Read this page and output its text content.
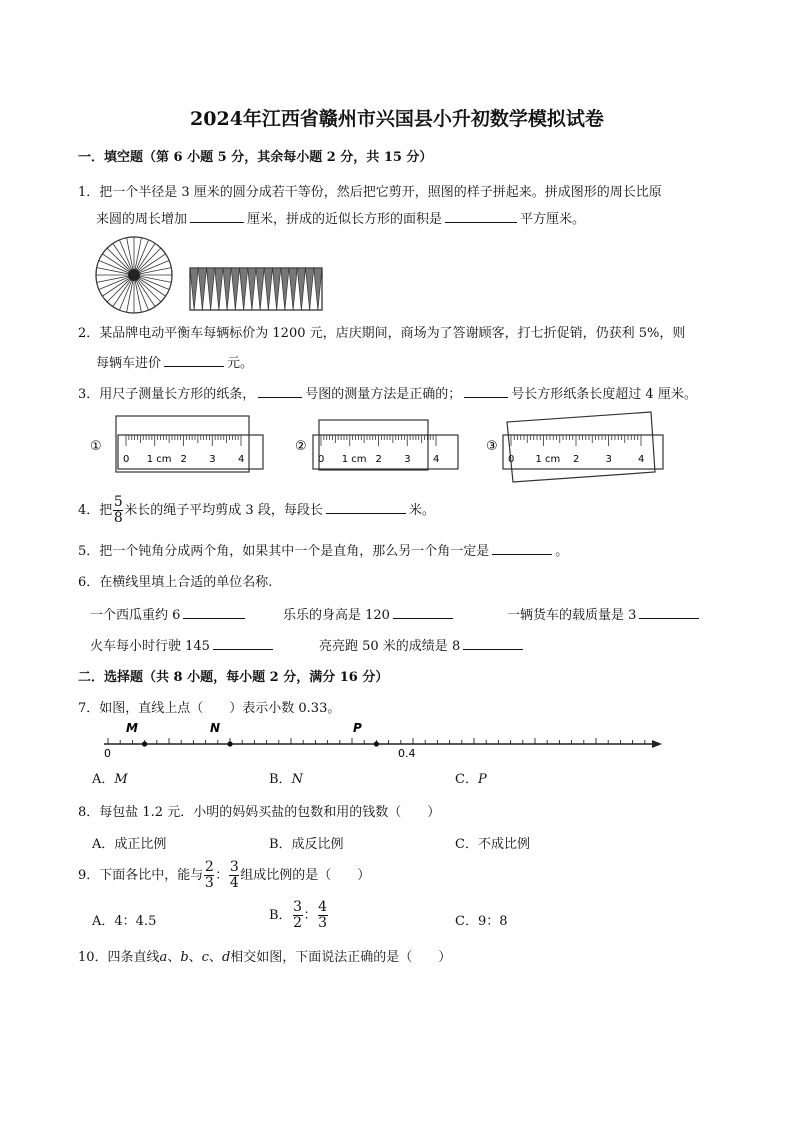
2024年江西省赣州市兴国县小升初数学模拟试卷
一．填空题（第 6 小题 5 分，其余每小题 2 分，共 15 分）
1．把一个半径是 3 厘米的圆分成若干等份，然后把它剪开，照图的样子拼起来。拼成图形的周长比原
来圆的周长增加	厘米，拼成的近似长方形的面积是	平方厘米。
2．某品牌电动平衡车每辆标价为 1200 元，店庆期间，商场为了答谢顾客，打七折促销，仍获利 5%，则
每辆车进价	元。
3．用尺子测量长方形的纸条，	号图的测量方法是正确的；	号长方形纸条长度超过 4 厘米。
①	②	③
0 1 cm 2 3 4	0 1 cm 2 3 4	0 1 cm 2	3	4
4．把 $\frac{5}{8}$ 米长的绳子平均剪成 3 段，每段长	米。
5．把一个钝角分成两个角，如果其中一个是直角，那么另一个角一定是	。
6．在横线里填上合适的单位名称.
一个西瓜重约 6	乐乐的身高是 120	一辆货车的载质量是 3
火车每小时行驶 145	亮亮跑 50 米的成绩是 8
二．选择题（共 8 小题，每小题 2 分，满分 16 分）
7．如图，直线上点（　　）表示小数 0.33。
M	N	P
0	0.4
A．M	B．N	C．P
8．每包盐 1.2 元．小明的妈妈买盐的包数和用的钱数（　　）
A．成正比例	B．成反比例	C．不成比例
9．下面各比中，能与 $\frac{2}{3}$ ： $\frac{3}{4}$ 组成比例的是（　　）
A．4：4.5	B． $\frac{3}{2}$ ： $\frac{4}{3}$	C．9：8
10．四条直线a、b、c、d相交如图，下面说法正确的是（　　）
